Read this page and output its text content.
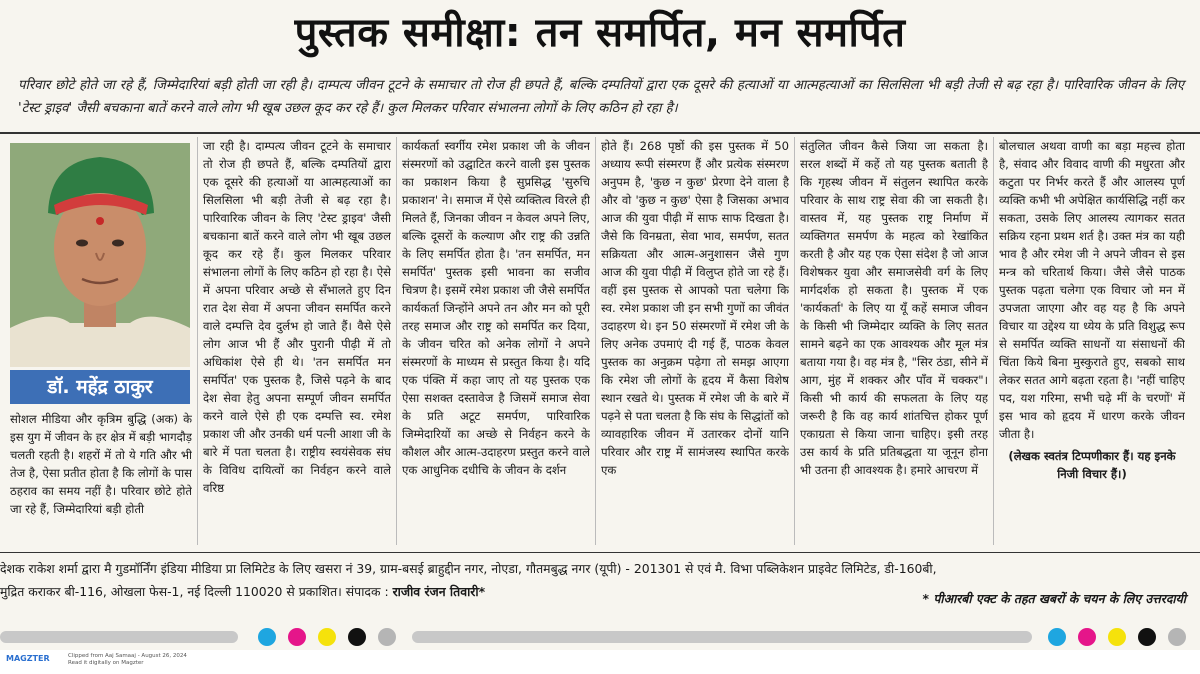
पुस्तक समीक्षा: तन समर्पित, मन समर्पित

परिवार छोटे होते जा रहे हैं, जिम्मेदारियां बड़ी होती जा रही है। दाम्पत्य जीवन टूटने के समाचार तो रोज ही छपते हैं, बल्कि दम्पतियों द्वारा एक दूसरे की हत्याओं या आत्महत्याओं का सिलसिला भी बड़ी तेजी से बढ़ रहा है। पारिवारिक जीवन के लिए 'टेस्ट ड्राइव' जैसी बचकाना बातें करने वाले लोग भी खूब उछल कूद कर रहे हैं। कुल मिलकर परिवार संभालना लोगों के लिए कठिन हो रहा है।

डॉ. महेंद्र ठाकुर

सोशल मीडिया और कृत्रिम बुद्धि (अक) के इस युग में जीवन के हर क्षेत्र में बड़ी भागदौड़ चलती रहती है। शहरों में तो ये गति और भी तेज है, ऐसा प्रतीत होता है कि लोगों के पास ठहराव का समय नहीं है। परिवार छोटे होते जा रहे हैं, जिम्मेदारियां बड़ी होती

जा रही है। दाम्पत्य जीवन टूटने के समाचार तो रोज ही छपते हैं, बल्कि दम्पतियों द्वारा एक दूसरे की हत्याओं या आत्महत्याओं का सिलसिला भी बड़ी तेजी से बढ़ रहा है। पारिवारिक जीवन के लिए 'टेस्ट ड्राइव' जैसी बचकाना बातें करने वाले लोग भी खूब उछल कूद कर रहे हैं। कुल मिलकर परिवार संभालना लोगों के लिए कठिन हो रहा है। ऐसे में अपना परिवार अच्छे से सँभालते हुए दिन रात देश सेवा में अपना जीवन समर्पित करने वाले दम्पत्ति देव दुर्लभ हो जाते हैं। वैसे ऐसे लोग आज भी हैं और पुरानी पीढ़ी में तो अधिकांश ऐसे ही थे। 'तन समर्पित मन समर्पित' एक पुस्तक है, जिसे पढ़ने के बाद देश सेवा हेतु अपना सम्पूर्ण जीवन समर्पित करने वाले ऐसे ही एक दम्पत्ति स्व. रमेश प्रकाश जी और उनकी धर्म पत्नी आशा जी के बारे में पता चलता है। राष्ट्रीय स्वयंसेवक संघ के विविध दायित्वों का निर्वहन करने वाले वरिष्ठ

कार्यकर्ता स्वर्गीय रमेश प्रकाश जी के जीवन संस्मरणों को उद्घाटित करने वाली इस पुस्तक का प्रकाशन किया है सुप्रसिद्ध 'सुरुचि प्रकाशन' ने। समाज में ऐसे व्यक्तित्व विरले ही मिलते हैं, जिनका जीवन न केवल अपने लिए, बल्कि दूसरों के कल्याण और राष्ट्र की उन्नति के लिए समर्पित होता है। 'तन समर्पित, मन समर्पित' पुस्तक इसी भावना का सजीव चित्रण है। इसमें रमेश प्रकाश जी जैसे समर्पित कार्यकर्ता जिन्होंने अपने तन और मन को पूरी तरह समाज और राष्ट्र को समर्पित कर दिया, के जीवन चरित को अनेक लोगों ने अपने संस्मरणों के माध्यम से प्रस्तुत किया है। यदि एक पंक्ति में कहा जाए तो यह पुस्तक एक ऐसा सशक्त दस्तावेज है जिसमें समाज सेवा के प्रति अटूट समर्पण, पारिवारिक जिम्मेदारियों का अच्छे से निर्वहन करने के कौशल और आत्म-उदाहरण प्रस्तुत करने वाले एक आधुनिक दधीचि के जीवन के दर्शन

होते हैं। 268 पृष्ठों की इस पुस्तक में 50 अध्याय रूपी संस्मरण हैं और प्रत्येक संस्मरण अनुपम है, 'कुछ न कुछ' प्रेरणा देने वाला है और वो 'कुछ न कुछ' ऐसा है जिसका अभाव आज की युवा पीढ़ी में साफ साफ दिखता है। जैसे कि विनम्रता, सेवा भाव, समर्पण, सतत सक्रियता और आत्म-अनुशासन जैसे गुण आज की युवा पीढ़ी में विलुप्त होते जा रहे हैं। वहीं इस पुस्तक से आपको पता चलेगा कि स्व. रमेश प्रकाश जी इन सभी गुणों का जीवंत उदाहरण थे। इन 50 संस्मरणों में रमेश जी के लिए अनेक उपमाएं दी गई हैं, पाठक केवल पुस्तक का अनुक्रम पढ़ेगा तो समझ आएगा कि रमेश जी लोगों के हृदय में कैसा विशेष स्थान रखते थे। पुस्तक में रमेश जी के बारे में पढ़ने से पता चलता है कि संघ के सिद्धांतों को व्यावहारिक जीवन में उतारकर दोनों यानि परिवार और राष्ट्र में सामंजस्य स्थापित करके एक

संतुलित जीवन कैसे जिया जा सकता है। सरल शब्दों में कहें तो यह पुस्तक बताती है कि गृहस्थ जीवन में संतुलन स्थापित करके परिवार के साथ राष्ट्र सेवा की जा सकती है। वास्तव में, यह पुस्तक राष्ट्र निर्माण में व्यक्तिगत समर्पण के महत्व को रेखांकित करती है और यह एक ऐसा संदेश है जो आज विशेषकर युवा और समाजसेवी वर्ग के लिए मार्गदर्शक हो सकता है। पुस्तक में एक 'कार्यकर्ता' के लिए या यूँ कहें समाज जीवन के किसी भी जिम्मेदार व्यक्ति के लिए सतत सामने बढ़ने का एक आवश्यक और मूल मंत्र बताया गया है। वह मंत्र है, "सिर ठंडा, सीने में आग, मुंह में शक्कर और पाँव में चक्कर"। किसी भी कार्य की सफलता के लिए यह जरूरी है कि वह कार्य शांतचित्त होकर पूर्ण एकाग्रता से किया जाना चाहिए। इसी तरह उस कार्य के प्रति प्रतिबद्धता या जूनून होना भी उतना ही आवश्यक है। हमारे आचरण में

बोलचाल अथवा वाणी का बड़ा महत्त्व होता है, संवाद और विवाद वाणी की मधुरता और कटुता पर निर्भर करते हैं और आलस्य पूर्ण व्यक्ति कभी भी अपेक्षित कार्यसिद्धि नहीं कर सकता, उसके लिए आलस्य त्यागकर सतत सक्रिय रहना प्रथम शर्त है। उक्त मंत्र का यही भाव है और रमेश जी ने अपने जीवन से इस मन्त्र को चरितार्थ किया। जैसे जैसे पाठक पुस्तक पढ़ता चलेगा एक विचार जो मन में उपजता जाएगा और वह यह है कि अपने विचार या उद्देश्य या ध्येय के प्रति विशुद्ध रूप से समर्पित व्यक्ति साधनों या संसाधनों की चिंता किये बिना मुस्कुराते हुए, सबको साथ लेकर सतत आगे बढ़ता रहता है। 'नहीं चाहिए पद, यश गरिमा, सभी चढ़े मीं के चरणों' में इस भाव को हृदय में धारण करके जीवन जीता है।

(लेखक स्वतंत्र टिप्पणीकार हैं। यह इनके निजी विचार हैं।)
देशक राकेश शर्मा द्वारा मै गुडमॉर्निंग इंडिया मीडिया प्रा लिमिटेड के लिए खसरा नं 39, ग्राम-बसई ब्राहुद्दीन नगर, नोएडा, गौतमबुद्ध नगर (यूपी) - 201301 से एवं मै. विभा पब्लिकेशन प्राइवेट लिमिटेड, डी-160बी,
मुद्रित कराकर बी-116, ओखला फेस-1, नई दिल्ली 110020 से प्रकाशित। संपादक : राजीव रंजन तिवारी*	* पीआरबी एक्ट के तहत खबरों के चयन के लिए उत्तरदायी
MAGZTER	Clipped from Aaj Samaaj - August 26, 2024
Read it digitally on Magzter
